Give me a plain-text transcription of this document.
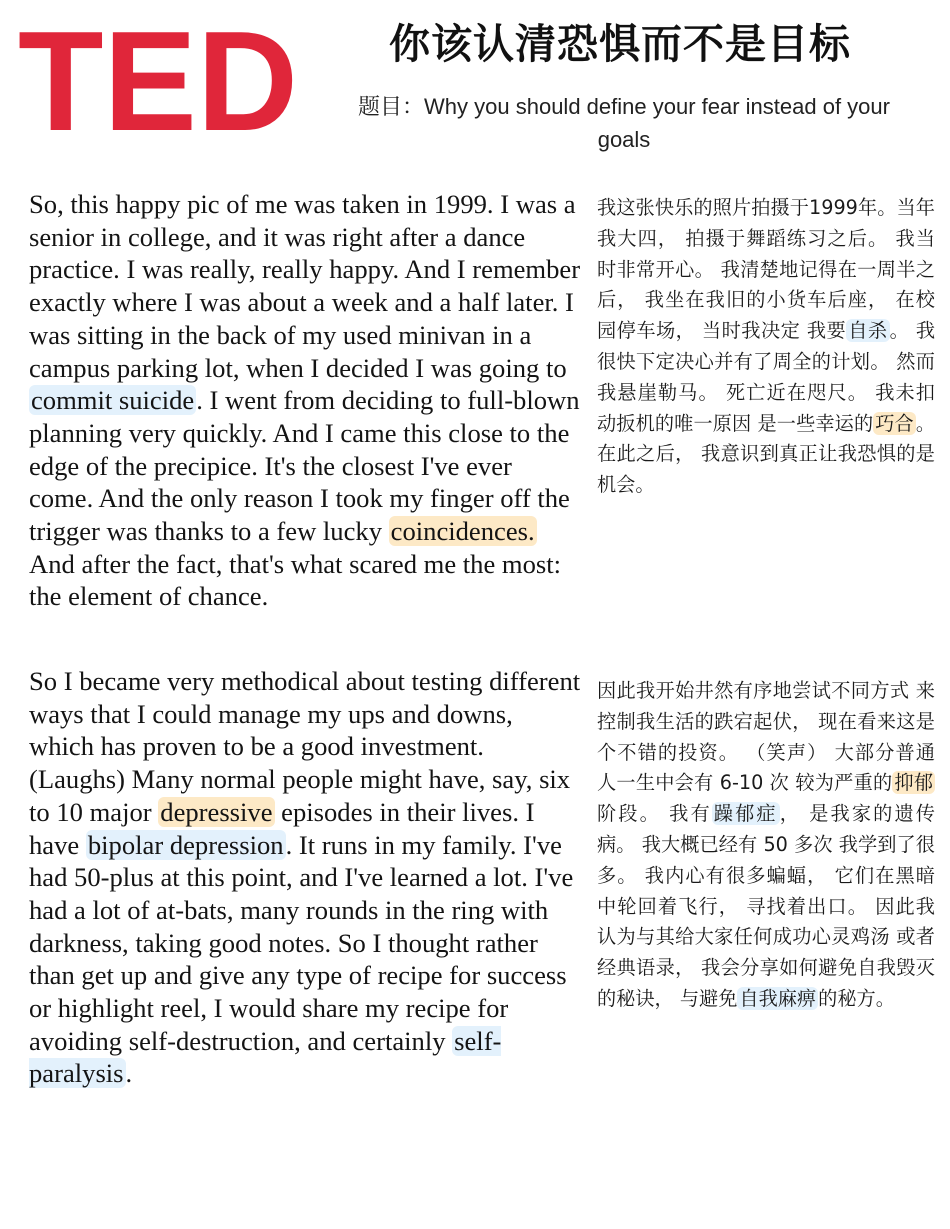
TED	你该认清恐惧而不是目标
题目：Why you should define your fear instead of your goals

So, this happy pic of me was taken in 1999. I was a senior in college, and it was right after a dance practice. I was really, really happy. And I remember exactly where I was about a week and a half later. I was sitting in the back of my used minivan in a campus parking lot, when I decided I was going to commit suicide. I went from deciding to full-blown planning very quickly. And I came this close to the edge of the precipice. It's the closest I've ever come. And the only reason I took my finger off the trigger was thanks to a few lucky coincidences. And after the fact, that's what scared me the most: the element of chance.

我这张快乐的照片拍摄于1999年。当年我大四， 拍摄于舞蹈练习之后。 我当时非常开心。 我清楚地记得在一周半之后， 我坐在我旧的小货车后座， 在校园停车场， 当时我决定 我要 自杀 。 我很快下定决心并有了周全的计划。 然而我悬崖勒马。 死亡近在咫尺。 我未扣动扳机的唯一原因 是一些幸运的 巧合 。 在此之后， 我意识到真正让我恐惧的是机会。

So I became very methodical about testing different ways that I could manage my ups and downs, which has proven to be a good investment. (Laughs) Many normal people might have, say, six to 10 major depressive episodes in their lives. I have bipolar depression. It runs in my family. I've had 50-plus at this point, and I've learned a lot. I've had a lot of at-bats, many rounds in the ring with darkness, taking good notes. So I thought rather than get up and give any type of recipe for success or highlight reel, I would share my recipe for avoiding self-destruction, and certainly self-paralysis.

因此我开始井然有序地尝试不同方式 来控制我生活的跌宕起伏， 现在看来这是个不错的投资。 （笑声） 大部分普通人一生中会有 6-10 次 较为严重的 抑郁阶段。 我有 躁郁症 ， 是我家的遗传病。 我大概已经有 50 多次 我学到了很多。 我内心有很多蝙蝠， 它们在黑暗中轮回着飞行， 寻找着出口。 因此我认为与其给大家任何成功心灵鸡汤 或者经典语录， 我会分享如何避免自我毁灭的秘诀， 与避免 自我麻痹 的秘方。
